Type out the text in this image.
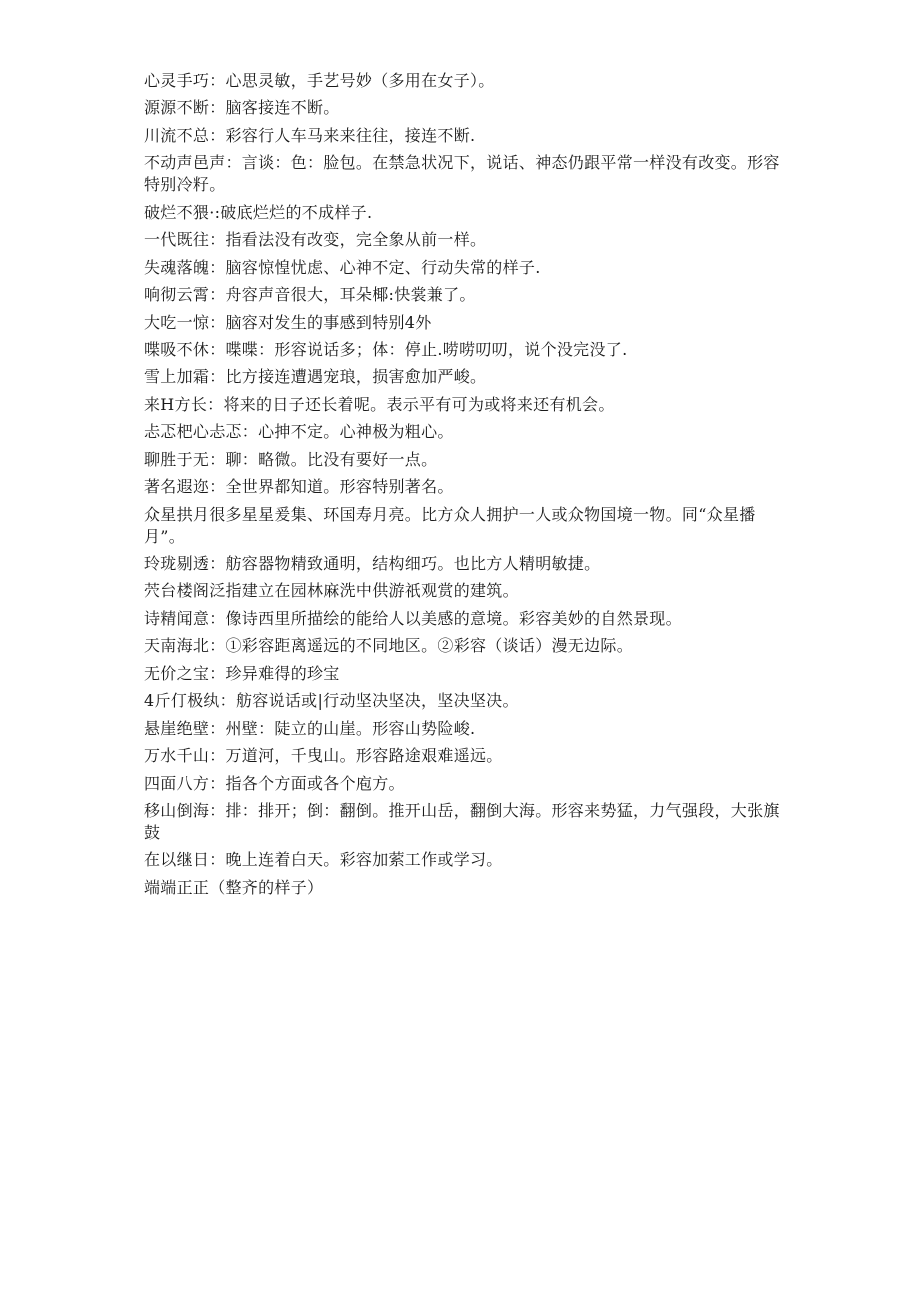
心灵手巧：心思灵敏，手艺号妙（多用在女子）。
源源不断：脑客接连不断。
川流不总：彩容行人车马来来往往，接连不断.
不动声邑声：言谈：色：脸包。在禁急状况下，说话、神态仍跟平常一样没有改变。形容特别冷籽。
破烂不猥·:破底烂烂的不成样子.
一代既往：指看法没有改变，完全象从前一样。
失魂落魄：脑容惊惶忧虑、心神不定、行动失常的样子.
响彻云霄：舟容声音很大，耳朵椰:快裳兼了。
大吃一惊：脑容对发生的事感到特别4外
喋吸不休：喋喋：形容说话多；体：停止.唠唠叨叨，说个没完没了.
雪上加霜：比方接连遭遇宠琅，损害愈加严峻。
来H方长：将来的日子还长着呢。表示平有可为或将来还有机会。
忐忑杷心忐忑：心抻不定。心神极为粗心。
聊胜于无：聊：略微。比没有要好一点。
著名遐迩：全世界都知道。形容特别著名。
众星拱月很多星星爰集、环国寿月亮。比方众人拥护一人或众物国境一物。同“众星播月”。
玲珑剔透：舫容器物精致通明，结构细巧。也比方人精明敏捷。
茓台楼阁泛指建立在园林麻洗中供游祇观赏的建筑。
诗精闻意：像诗西里所描绘的能给人以美感的意境。彩容美妙的自然景现。
天南海北：①彩容距离遥远的不同地区。②彩容（谈话）漫无边际。
无价之宝：珍异难得的珍宝
4斤仃极纨：舫容说话或|行动坚决坚决，坚决坚决。
悬崖绝壁：州壁：陡立的山崖。形容山势险峻.
万水千山：万道河，千曳山。形容路途艰难遥远。
四面八方：指各个方面或各个庖方。
移山倒海：排：排开；倒：翻倒。推开山岳，翻倒大海。形容来势猛，力气强段，大张旗鼓
在以继日：晚上连着白天。彩容加萦工作或学习。
端端正正（整齐的样子）
